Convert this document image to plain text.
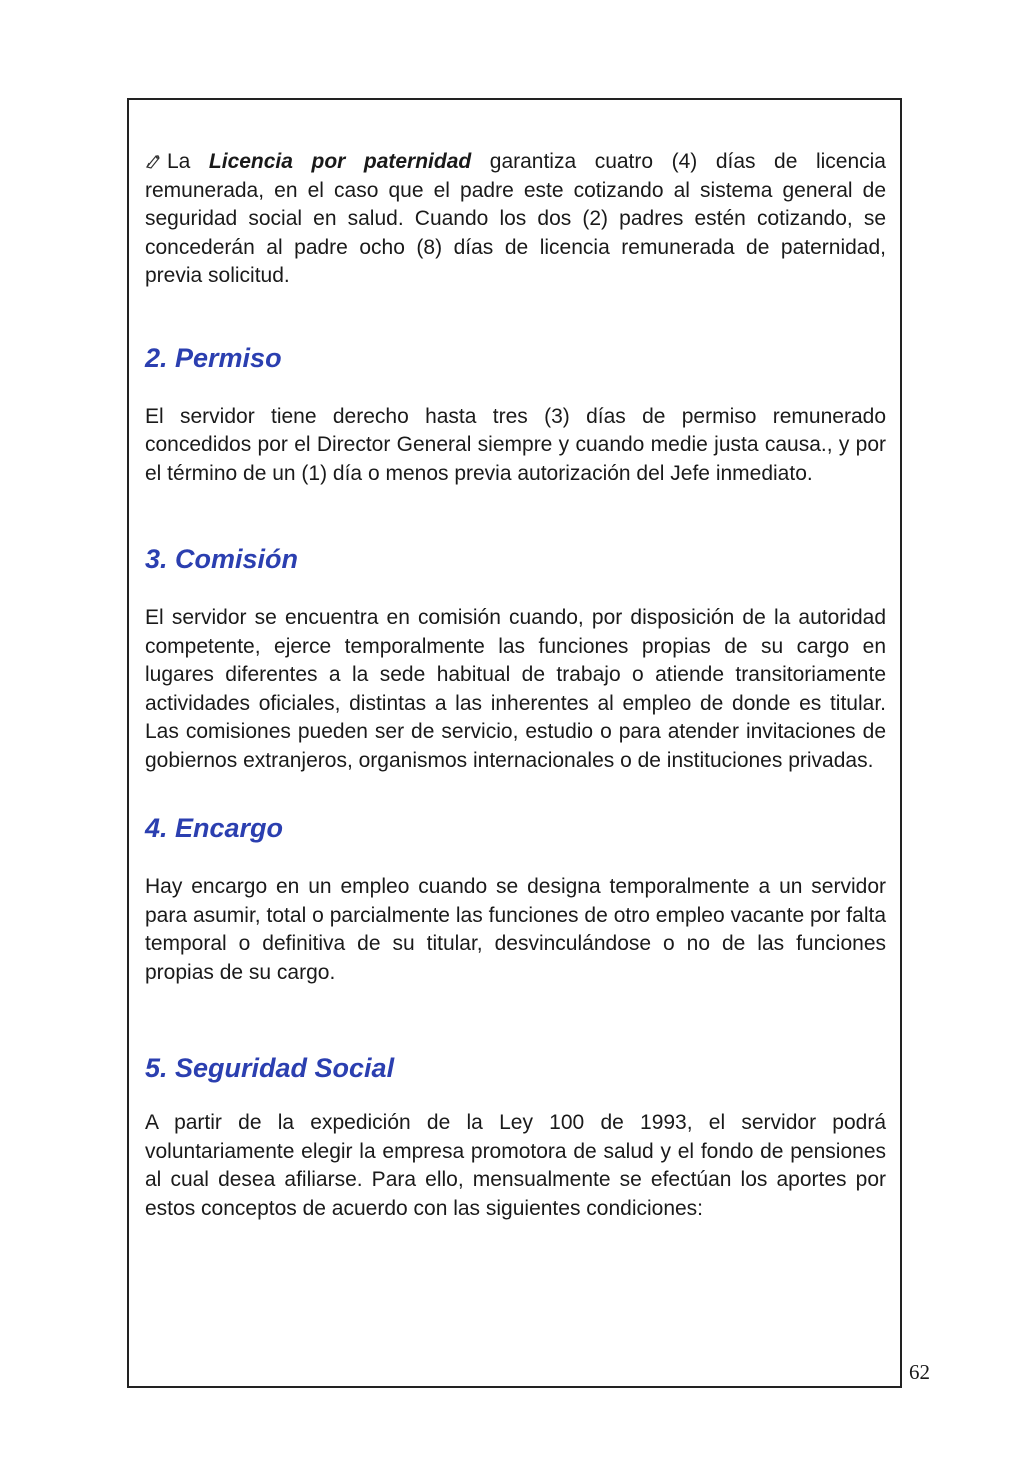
La Licencia por paternidad garantiza cuatro (4) días de licencia remunerada, en el caso que el padre este cotizando al sistema general de seguridad social en salud. Cuando los dos (2) padres estén cotizando, se concederán al padre ocho (8) días de licencia remunerada de paternidad, previa solicitud.

2. Permiso

El servidor tiene derecho hasta tres (3) días de permiso remunerado concedidos por el Director General siempre y cuando medie justa causa., y por el término de un (1) día o menos previa autorización del Jefe inmediato.

3. Comisión

El servidor se encuentra en comisión cuando, por disposición de la autoridad competente, ejerce temporalmente las funciones propias de su cargo en lugares diferentes a la sede habitual de trabajo o atiende transitoriamente actividades oficiales, distintas a las inherentes al empleo de donde es titular. Las comisiones pueden ser de servicio, estudio o para atender invitaciones de gobiernos extranjeros, organismos internacionales o de instituciones privadas.

4. Encargo

Hay encargo en un empleo cuando se designa temporalmente a un servidor para asumir, total o parcialmente las funciones de otro empleo vacante por falta temporal o definitiva de su titular, desvinculándose o no de las funciones propias de su cargo.

5. Seguridad Social

A partir de la expedición de la Ley 100 de 1993, el servidor podrá voluntariamente elegir la empresa promotora de salud y el fondo de pensiones al cual desea afiliarse. Para ello, mensualmente se efectúan los aportes por estos conceptos de acuerdo con las siguientes condiciones:

62
